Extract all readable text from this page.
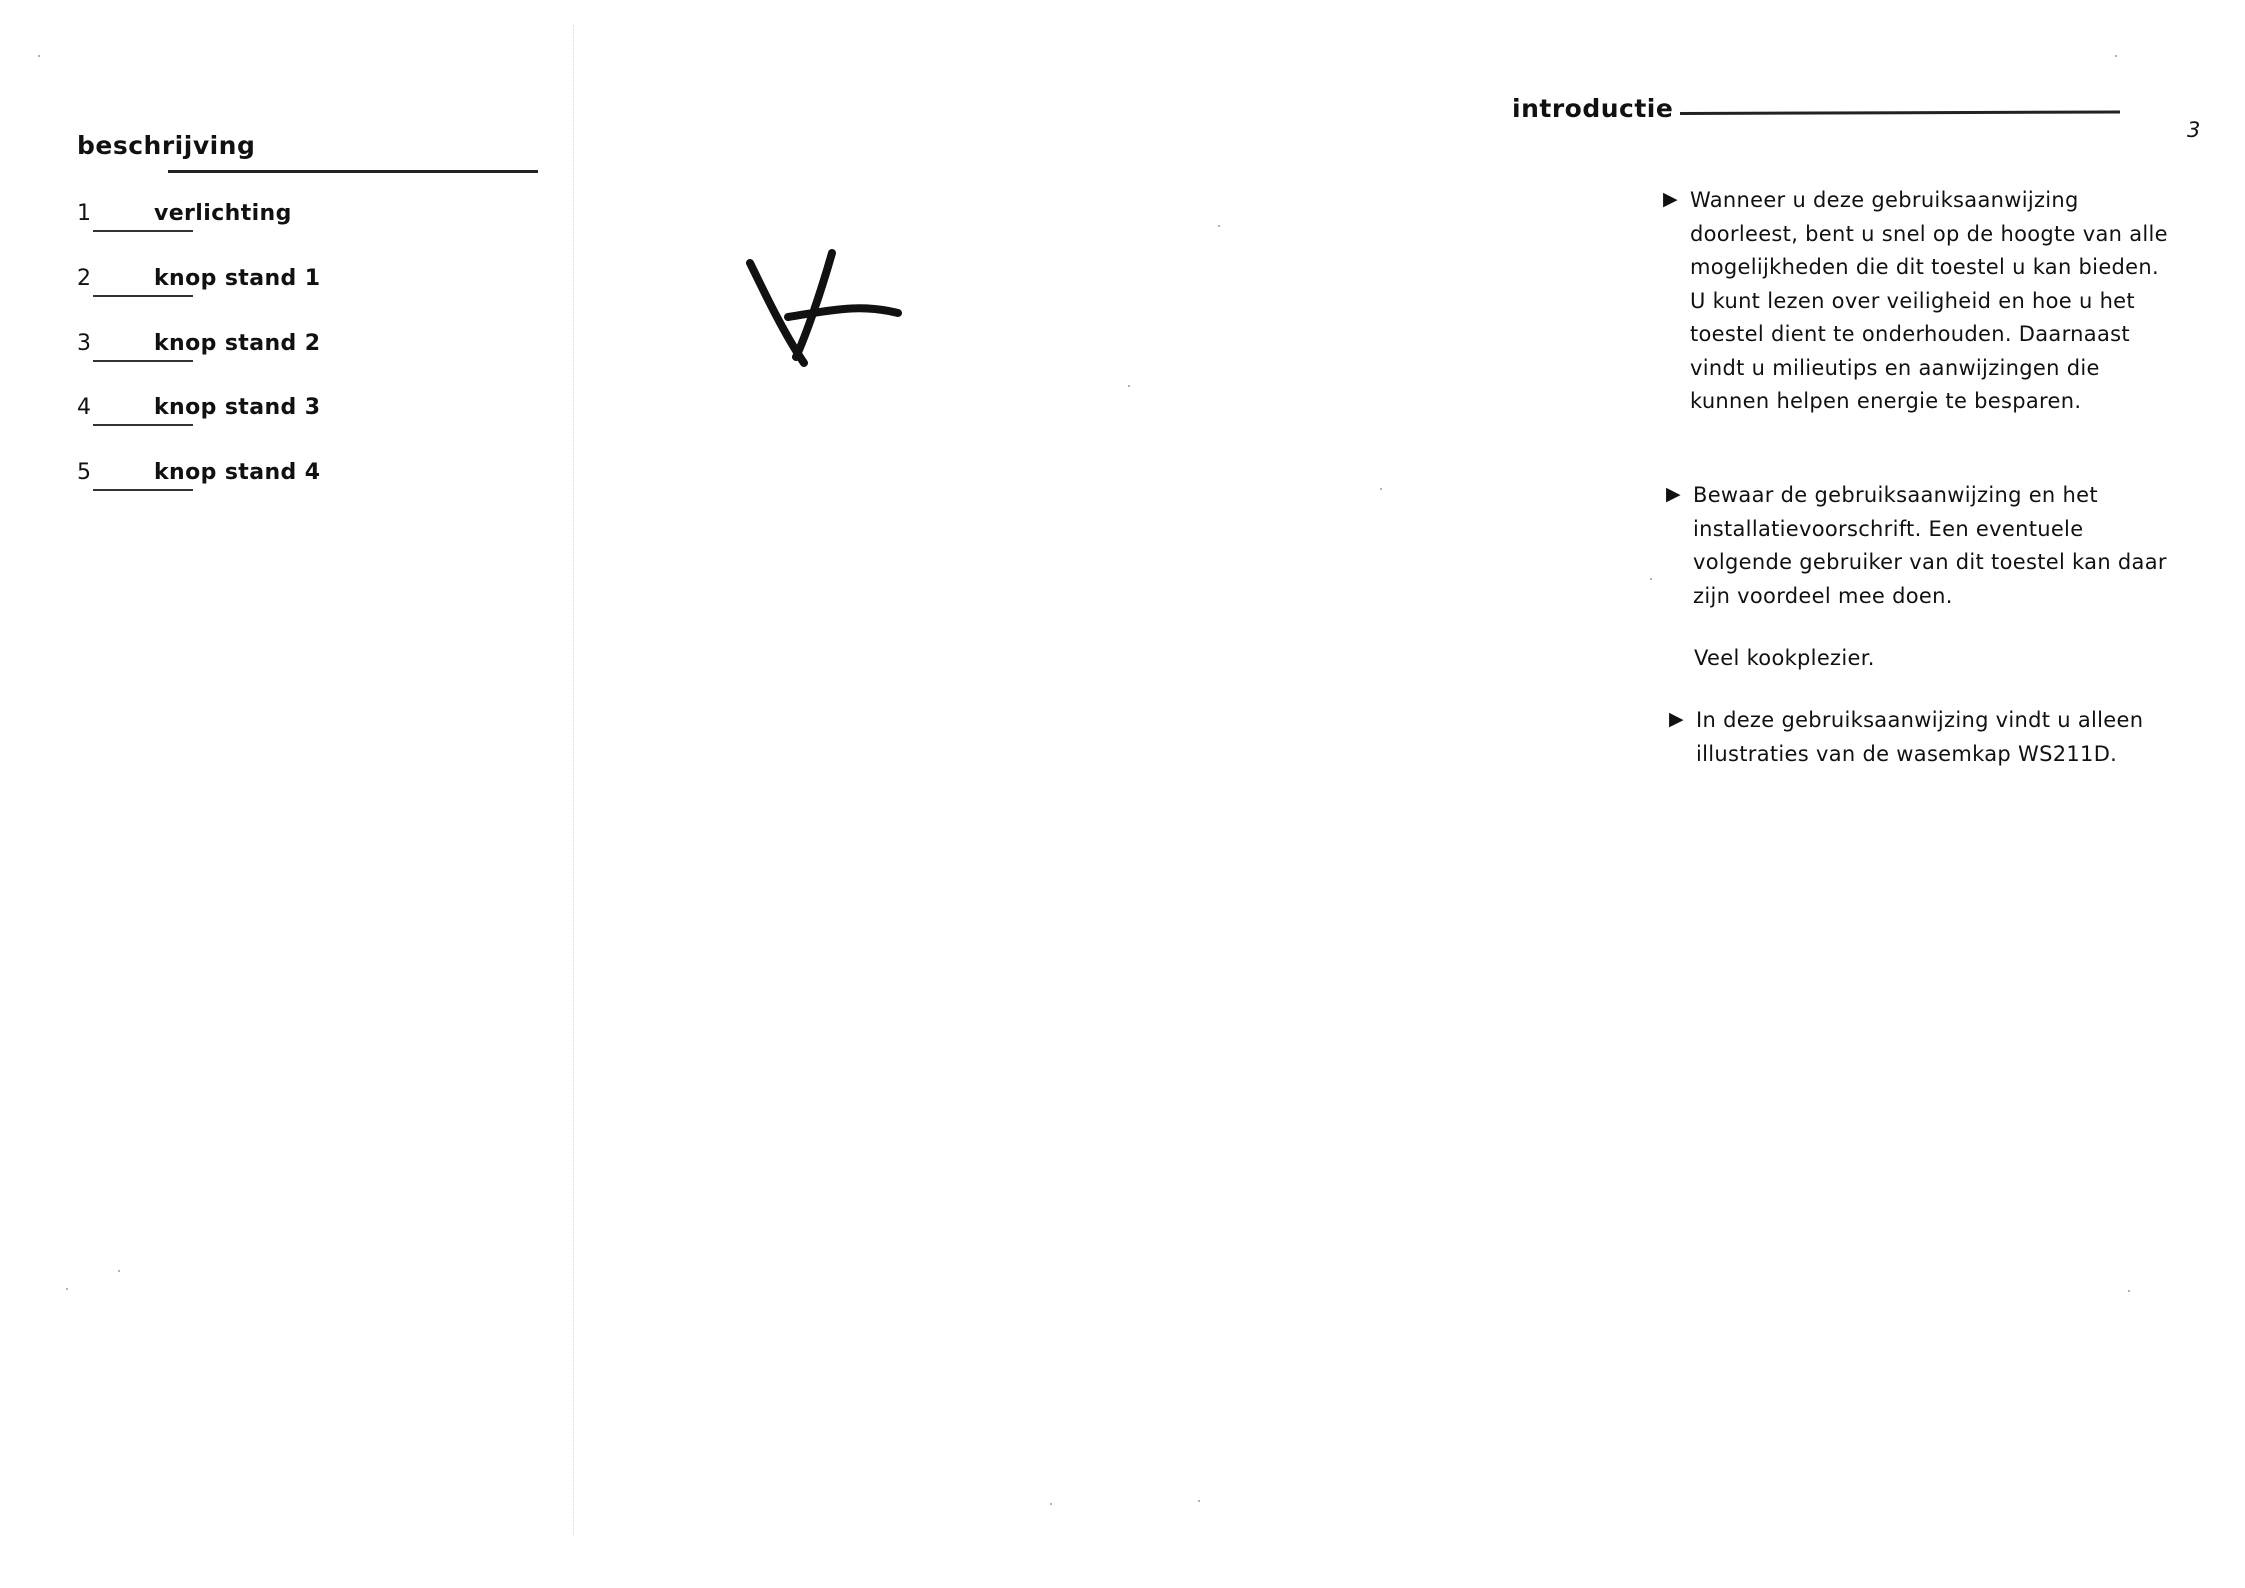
beschrijving
1	verlichting
2	knop stand 1
3	knop stand 2
4	knop stand 3
5	knop stand 4
introductie
3
▶ Wanneer u deze gebruiksaanwijzing doorleest, bent u snel op de hoogte van alle mogelijkheden die dit toestel u kan bieden. U kunt lezen over veiligheid en hoe u het toestel dient te onderhouden. Daarnaast vindt u milieutips en aanwijzingen die kunnen helpen energie te besparen.
▶ Bewaar de gebruiksaanwijzing en het installatievoorschrift. Een eventuele volgende gebruiker van dit toestel kan daar zijn voordeel mee doen.
Veel kookplezier.
▶ In deze gebruiksaanwijzing vindt u alleen illustraties van de wasemkap WS211D.
